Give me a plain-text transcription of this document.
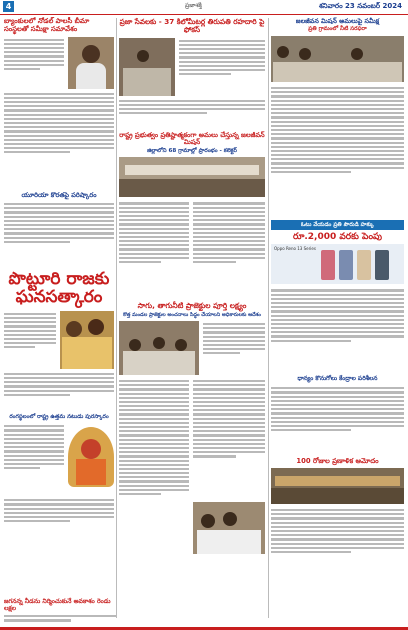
4	ప్రజాశక్తి	శనివారం 23 నవంబర్ 2024
బ్యాంకులలో నోడల్ పాలసీ బీమా సంస్థల‌తో సమీక్షా సమావేశం
యూరియా కొరతపై పరిష్కారం
పొట్టూరి రాజకు ఘనసత్కారం
రంగస్థలంలో రాష్ట్ర ఉత్తమ నటుడు పురస్కారం
ప్రజా సేవలకు - 37 కిలోమీటర్ల తిరుపతి రహదారి పై ఫోకస్
రాష్ట్ర ప్రభుత్వం ప్రతిష్టాత్మకంగా అమలు చేస్తున్న జలజీవన్ మిషన్
జిల్లాలోని 68 గ్రామాల్లో ప్రారంభం - కలెక్టర్
సాగు, తాగునీటి ప్రాజెక్టుల పూర్తి లక్ష్యం
కొత్త మండల ప్రాజెక్టుల అంచనాలు సిద్ధం చేయాలని అధికారులకు ఆదేశం
జలజీవన మిషన్ అమలుపై సమీక్ష
ప్రతి గ్రామంలో నీటి సరఫరా
ఓటు వేయడం ప్రతి పౌరుడి హక్కు
రూ.2,000 వరకు పెంపు
Oppo Reno 13 Series
ధాన్యం కొనుగోలు కేంద్రాల పరిశీలన
100 రోజుల ప్రణాళిక ఆమోదం
జగనన్న నీడను నిర్మించుకునే అవకాశం రెండు లక్షల
